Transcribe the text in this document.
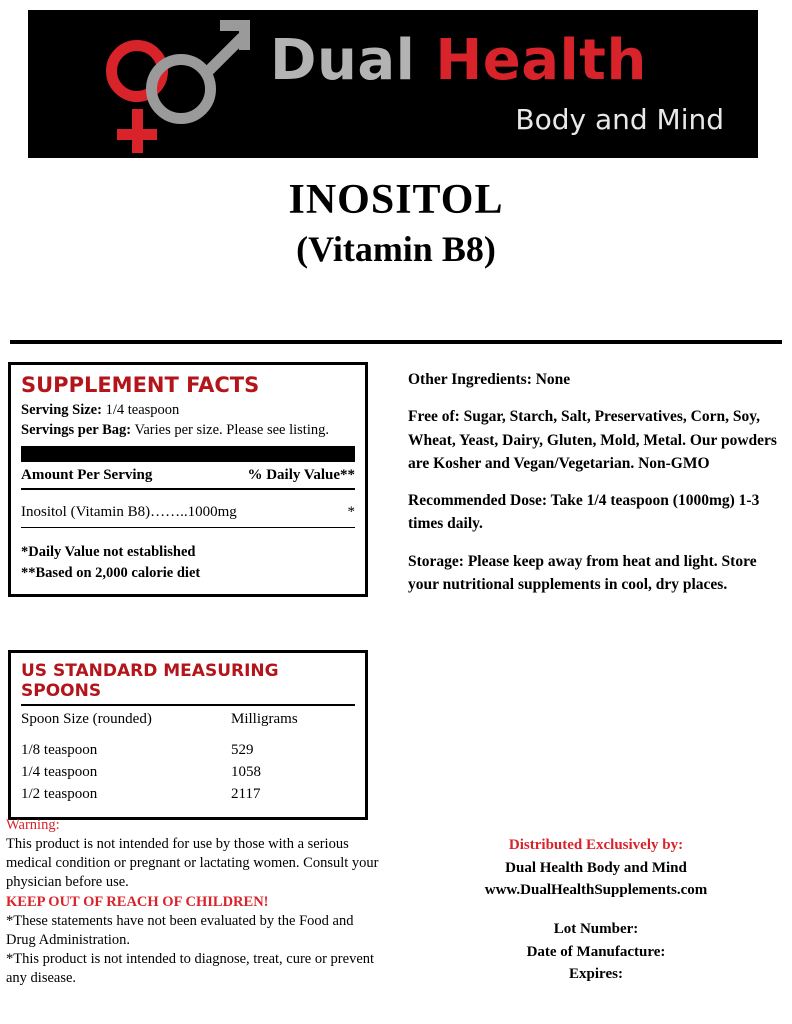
Dual Health
Body and Mind
INOSITOL
(Vitamin B8)
SUPPLEMENT FACTS
Serving Size: 1/4 teaspoon
Servings per Bag: Varies per size. Please see listing.
Amount Per Serving	% Daily Value**
Inositol (Vitamin B8)……..1000mg	*
*Daily Value not established
**Based on 2,000 calorie diet
US STANDARD MEASURING SPOONS
Spoon Size (rounded)	Milligrams
1/8 teaspoon	529
1/4 teaspoon	1058
1/2 teaspoon	2117

Other Ingredients: None

Free of: Sugar, Starch, Salt, Preservatives, Corn, Soy, Wheat, Yeast, Dairy, Gluten, Mold, Metal. Our powders are Kosher and Vegan/Vegetarian. Non-GMO

Recommended Dose: Take 1/4 teaspoon (1000mg) 1-3 times daily.

Storage: Please keep away from heat and light. Store your nutritional supplements in cool, dry places.

Warning:

This product is not intended for use by those with a serious medical condition or pregnant or lactating women. Consult your physician before use.

KEEP OUT OF REACH OF CHILDREN!

*These statements have not been evaluated by the Food and Drug Administration.

*This product is not intended to diagnose, treat, cure or prevent any disease.

Distributed Exclusively by:
Dual Health Body and Mind
www.DualHealthSupplements.com
Lot Number:
Date of Manufacture:
Expires:
